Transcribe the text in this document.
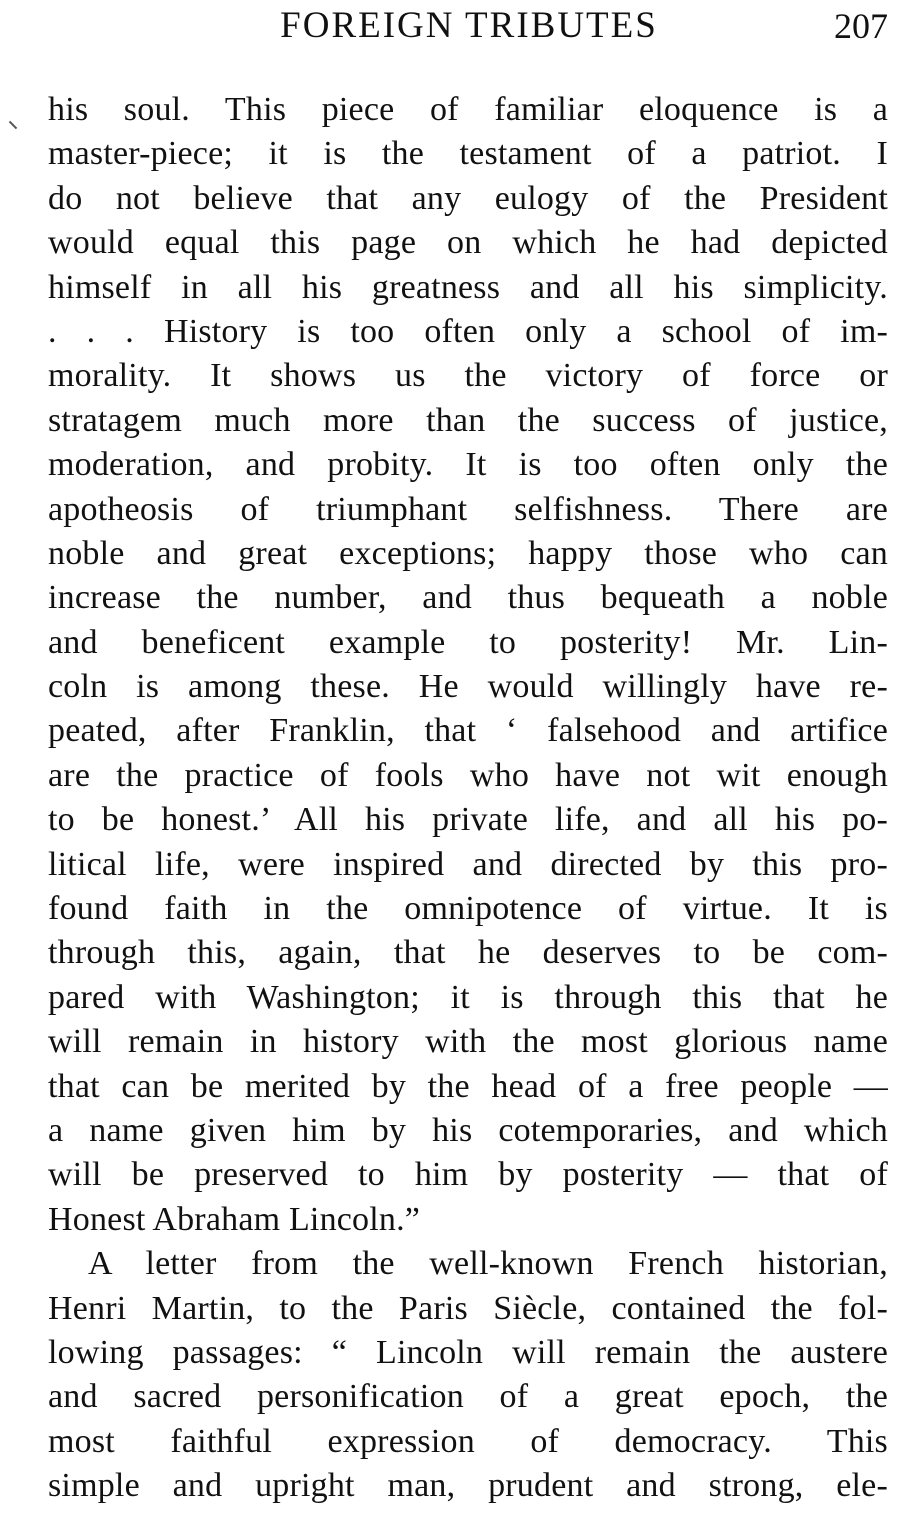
FOREIGN TRIBUTES	207
his soul. This piece of familiar eloquence is a
master-piece; it is the testament of a patriot. I
do not believe that any eulogy of the President
would equal this page on which he had depicted
himself in all his greatness and all his simplicity.
. . . History is too often only a school of im-
morality. It shows us the victory of force or
stratagem much more than the success of justice,
moderation, and probity. It is too often only the
apotheosis of triumphant selfishness. There are
noble and great exceptions; happy those who can
increase the number, and thus bequeath a noble
and beneficent example to posterity! Mr. Lin-
coln is among these. He would willingly have re-
peated, after Franklin, that ‘ falsehood and artifice
are the practice of fools who have not wit enough
to be honest.’ All his private life, and all his po-
litical life, were inspired and directed by this pro-
found faith in the omnipotence of virtue. It is
through this, again, that he deserves to be com-
pared with Washington; it is through this that he
will remain in history with the most glorious name
that can be merited by the head of a free people —
a name given him by his cotemporaries, and which
will be preserved to him by posterity — that of
Honest Abraham Lincoln.”
A letter from the well-known French historian,
Henri Martin, to the Paris Siècle, contained the fol-
lowing passages: “ Lincoln will remain the austere
and sacred personification of a great epoch, the
most faithful expression of democracy. This
simple and upright man, prudent and strong, ele-
